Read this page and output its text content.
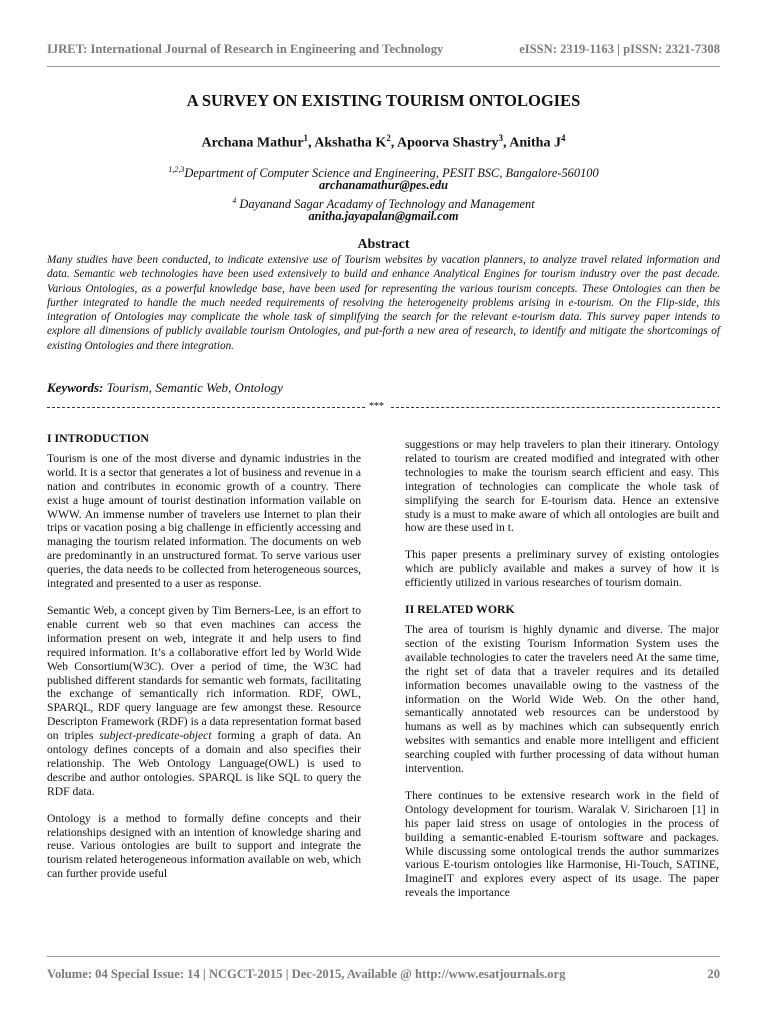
IJRET: International Journal of Research in Engineering and Technology	eISSN: 2319-1163 | pISSN: 2321-7308
A SURVEY ON EXISTING TOURISM ONTOLOGIES
Archana Mathur$^1$, Akshatha $K^2$, Apoorva Shastry$^3$, Anitha $J^4$
$^{1,2,3}$Department of Computer Science and Engineering, PESIT BSC, Bangalore-560100
archanamathur@pes.edu
$^4$ Dayanand Sagar Acadamy of Technology and Management
anitha.jayapalan@gmail.com
Abstract
Many studies have been conducted, to indicate extensive use of Tourism websites by vacation planners, to analyze travel related information and data. Semantic web technologies have been used extensively to build and enhance Analytical Engines for tourism industry over the past decade. Various Ontologies, as a powerful knowledge base, have been used for representing the various tourism concepts. These Ontologies can then be further integrated to handle the much needed requirements of resolving the heterogeneity problems arising in e-tourism. On the Flip-side, this integration of Ontologies may complicate the whole task of simplifying the search for the relevant e-tourism data. This survey paper intends to explore all dimensions of publicly available tourism Ontologies, and put-forth a new area of research, to identify and mitigate the shortcomings of existing Ontologies and there integration.
Keywords: Tourism, Semantic Web, Ontology
***
I INTRODUCTION

Tourism is one of the most diverse and dynamic industries in the world. It is a sector that generates a lot of business and revenue in a nation and contributes in economic growth of a country. There exist a huge amount of tourist destination information vailable on WWW. An immense number of travelers use Internet to plan their trips or vacation posing a big challenge in efficiently accessing and managing the tourism related information. The documents on web are predominantly in an unstructured format. To serve various user queries, the data needs to be collected from heterogeneous sources, integrated and presented to a user as response.

Semantic Web, a concept given by Tim Berners-Lee, is an effort to enable current web so that even machines can access the information present on web, integrate it and help users to find required information. It’s a collaborative effort led by World Wide Web Consortium(W3C). Over a period of time, the W3C had published different standards for semantic web formats, facilitating the exchange of semantically rich information. RDF, OWL, SPARQL, RDF query language are few amongst these. Resource Descripton Framework (RDF) is a data representation format based on triples subject-predicate-object forming a graph of data. An ontology defines concepts of a domain and also specifies their relationship. The Web Ontology Language(OWL) is used to describe and author ontologies. SPARQL is like SQL to query the RDF data.

Ontology is a method to formally define concepts and their relationships designed with an intention of knowledge sharing and reuse. Various ontologies are built to support and integrate the tourism related heterogeneous information available on web, which can further provide useful

suggestions or may help travelers to plan their itinerary. Ontology related to tourism are created modified and integrated with other technologies to make the tourism search efficient and easy. This integration of technologies can complicate the whole task of simplifying the search for E-tourism data. Hence an extensive study is a must to make aware of which all ontologies are built and how are these used in t.

This paper presents a preliminary survey of existing ontologies which are publicly available and makes a survey of how it is efficiently utilized in various researches of tourism domain.

II RELATED WORK

The area of tourism is highly dynamic and diverse. The major section of the existing Tourism Information System uses the available technologies to cater the travelers need At the same time, the right set of data that a traveler requires and its detailed information becomes unavailable owing to the vastness of the information on the World Wide Web. On the other hand, semantically annotated web resources can be understood by humans as well as by machines which can subsequently enrich websites with semantics and enable more intelligent and efficient searching coupled with further processing of data without human intervention.

There continues to be extensive research work in the field of Ontology development for tourism. Waralak V. Siricharoen [1] in his paper laid stress on usage of ontologies in the process of building a semantic-enabled E-tourism software and packages. While discussing some ontological trends the author summarizes various E-tourism ontologies like Harmonise, Hi-Touch, SATINE, ImagineIT and explores every aspect of its usage. The paper reveals the importance

Volume: 04 Special Issue: 14 | NCGCT-2015 | Dec-2015, Available @ http://www.esatjournals.org	20
